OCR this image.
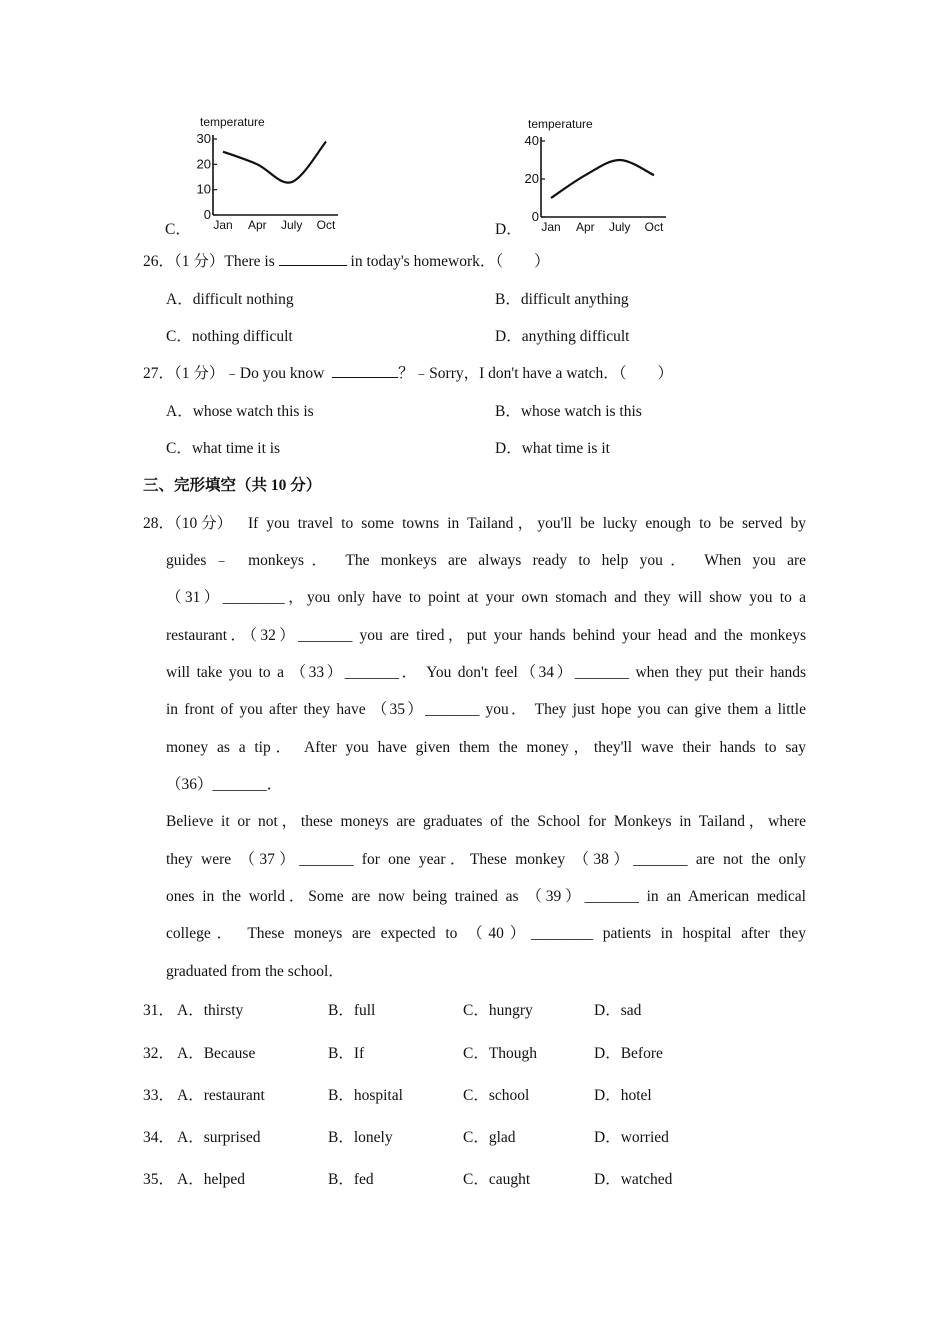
C．
temperature
0
10
20
30
Jan Apr July Oct	D．
temperature
0
20
40
Jan Apr July Oct
26．（1 分）There is	in today's homework．（　　）
A．difficult nothing	B．difficult anything
C．nothing difficult	D．anything difficult
27．（1 分）﹣Do you know	？﹣Sorry，I don't have a watch．（　　）
A．whose watch this is	B．whose watch is this
C．what time it is	D．what time is it
三、完形填空（共 10 分）
28．（10 分）	If you travel to some towns in Tailand，you'll be lucky enough to be served by
guides﹣ monkeys． The monkeys are always ready to help you． When you are
（31）________，you only have to point at your own stomach and they will show you to a
restaurant．（32）_______ you are tired，put your hands behind your head and the monkeys
will take you to a （33）_______． You don't feel（34）_______ when they put their hands
in front of you after they have （35）_______ you． They just hope you can give them a little
money as a tip． After you have given them the money，they'll wave their hands to say
（36）_______．
Believe it or not，these moneys are graduates of the School for Monkeys in Tailand，where
they were （37）_______ for one year．These monkey （38）_______ are not the only
ones in the world．Some are now being trained as （39）_______ in an American medical
college． These moneys are expected to （40）________ patients in hospital after they
graduated from the school．
31． A．thirsty	B．full	C．hungry	D．sad
32． A．Because	B．If	C．Though	D．Before
33． A．restaurant	B．hospital	C．school	D．hotel
34． A．surprised	B．lonely	C．glad	D．worried
35． A．helped	B．fed	C．caught	D．watched
